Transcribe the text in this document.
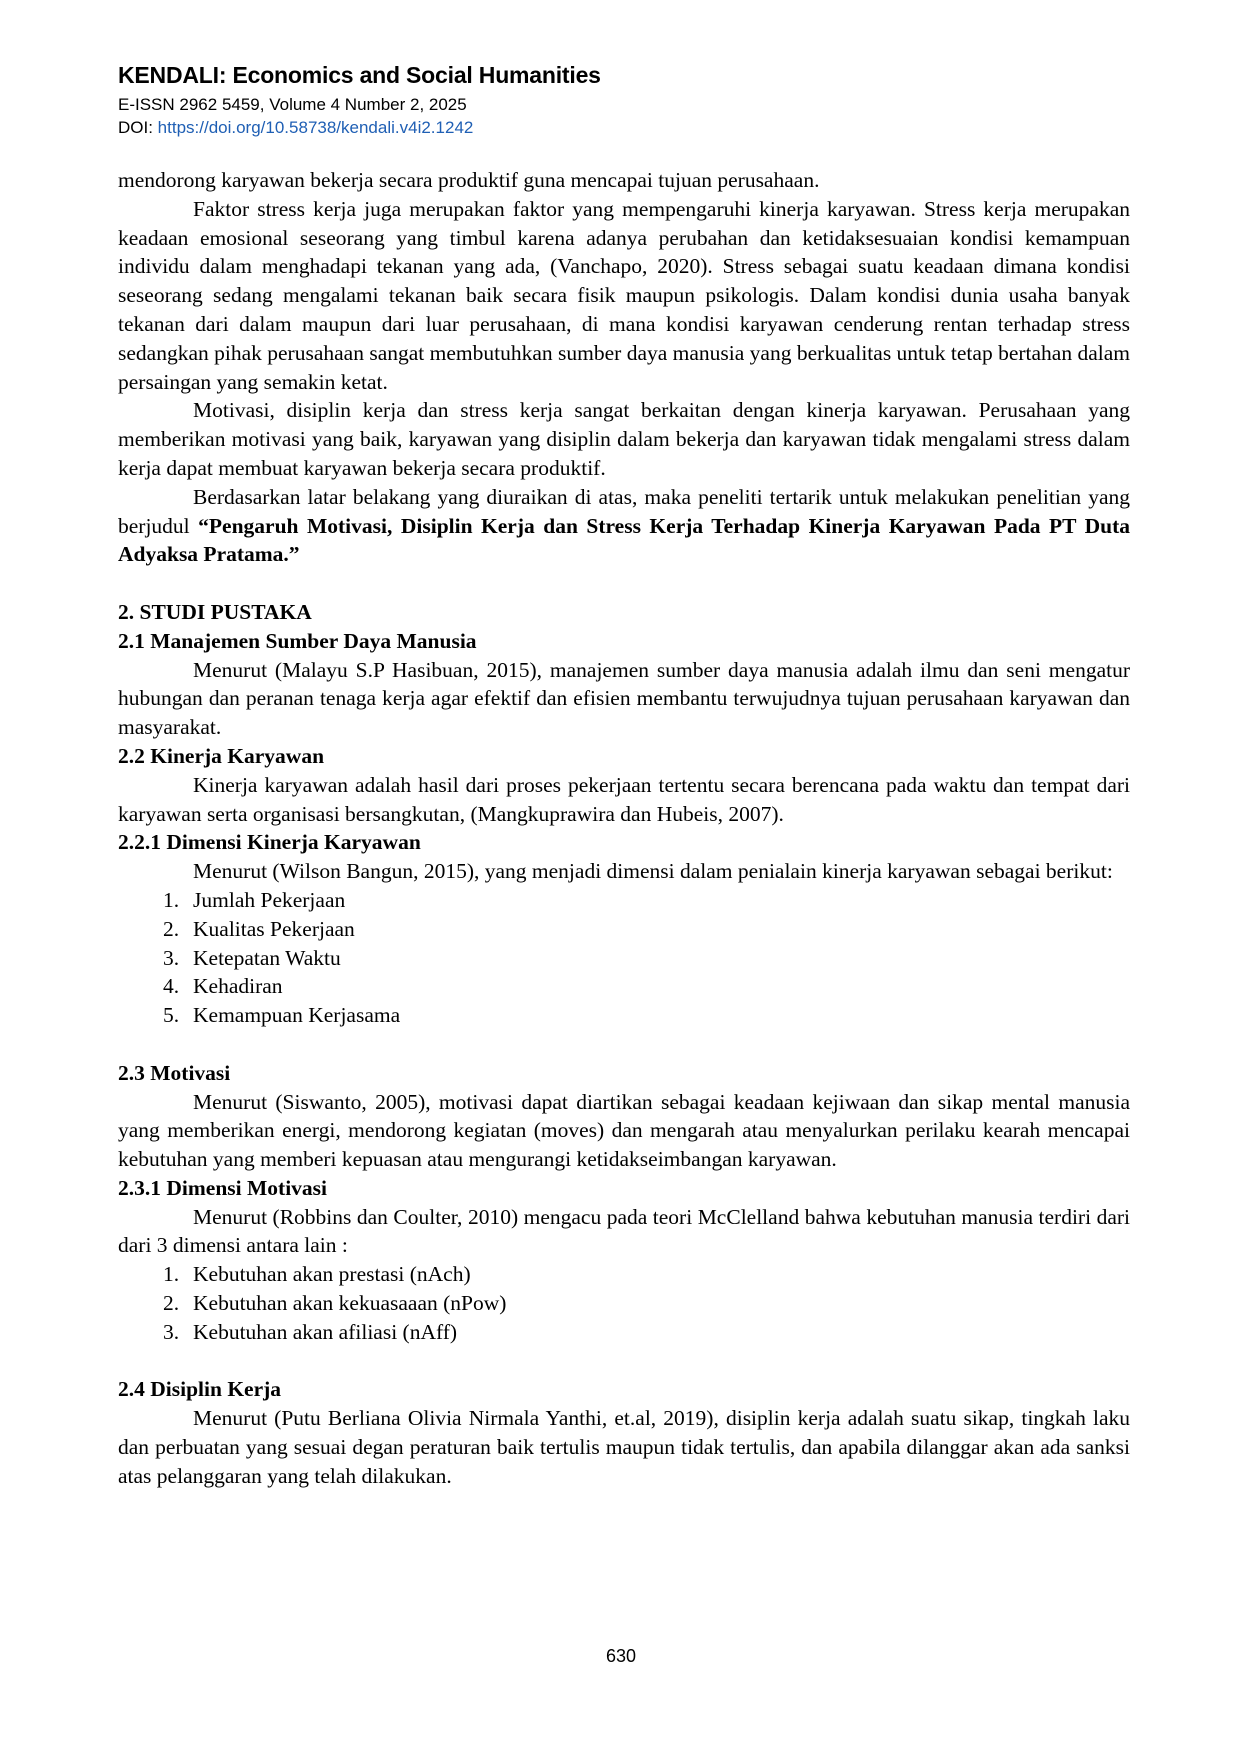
KENDALI: Economics and Social Humanities
E-ISSN 2962 5459, Volume 4 Number 2, 2025
DOI: https://doi.org/10.58738/kendali.v4i2.1242

mendorong karyawan bekerja secara produktif guna mencapai tujuan perusahaan.

Faktor stress kerja juga merupakan faktor yang mempengaruhi kinerja karyawan. Stress kerja merupakan keadaan emosional seseorang yang timbul karena adanya perubahan dan ketidaksesuaian kondisi kemampuan individu dalam menghadapi tekanan yang ada, (Vanchapo, 2020). Stress sebagai suatu keadaan dimana kondisi seseorang sedang mengalami tekanan baik secara fisik maupun psikologis. Dalam kondisi dunia usaha banyak tekanan dari dalam maupun dari luar perusahaan, di mana kondisi karyawan cenderung rentan terhadap stress sedangkan pihak perusahaan sangat membutuhkan sumber daya manusia yang berkualitas untuk tetap bertahan dalam persaingan yang semakin ketat.

Motivasi, disiplin kerja dan stress kerja sangat berkaitan dengan kinerja karyawan. Perusahaan yang memberikan motivasi yang baik, karyawan yang disiplin dalam bekerja dan karyawan tidak mengalami stress dalam kerja dapat membuat karyawan bekerja secara produktif.

Berdasarkan latar belakang yang diuraikan di atas, maka peneliti tertarik untuk melakukan penelitian yang berjudul “Pengaruh Motivasi, Disiplin Kerja dan Stress Kerja Terhadap Kinerja Karyawan Pada PT Duta Adyaksa Pratama.”

2. STUDI PUSTAKA
2.1 Manajemen Sumber Daya Manusia

Menurut (Malayu S.P Hasibuan, 2015), manajemen sumber daya manusia adalah ilmu dan seni mengatur hubungan dan peranan tenaga kerja agar efektif dan efisien membantu terwujudnya tujuan perusahaan karyawan dan masyarakat.

2.2 Kinerja Karyawan

Kinerja karyawan adalah hasil dari proses pekerjaan tertentu secara berencana pada waktu dan tempat dari karyawan serta organisasi bersangkutan, (Mangkuprawira dan Hubeis, 2007).

2.2.1 Dimensi Kinerja Karyawan

Menurut (Wilson Bangun, 2015), yang menjadi dimensi dalam penialain kinerja karyawan sebagai berikut:

1. Jumlah Pekerjaan
2. Kualitas Pekerjaan
3. Ketepatan Waktu
4. Kehadiran
5. Kemampuan Kerjasama
2.3 Motivasi

Menurut (Siswanto, 2005), motivasi dapat diartikan sebagai keadaan kejiwaan dan sikap mental manusia yang memberikan energi, mendorong kegiatan (moves) dan mengarah atau menyalurkan perilaku kearah mencapai kebutuhan yang memberi kepuasan atau mengurangi ketidakseimbangan karyawan.

2.3.1 Dimensi Motivasi

Menurut (Robbins dan Coulter, 2010) mengacu pada teori McClelland bahwa kebutuhan manusia terdiri dari dari 3 dimensi antara lain :

1. Kebutuhan akan prestasi (nAch)
2. Kebutuhan akan kekuasaaan (nPow)
3. Kebutuhan akan afiliasi (nAff)
2.4 Disiplin Kerja

Menurut (Putu Berliana Olivia Nirmala Yanthi, et.al, 2019), disiplin kerja adalah suatu sikap, tingkah laku dan perbuatan yang sesuai degan peraturan baik tertulis maupun tidak tertulis, dan apabila dilanggar akan ada sanksi atas pelanggaran yang telah dilakukan.

630
